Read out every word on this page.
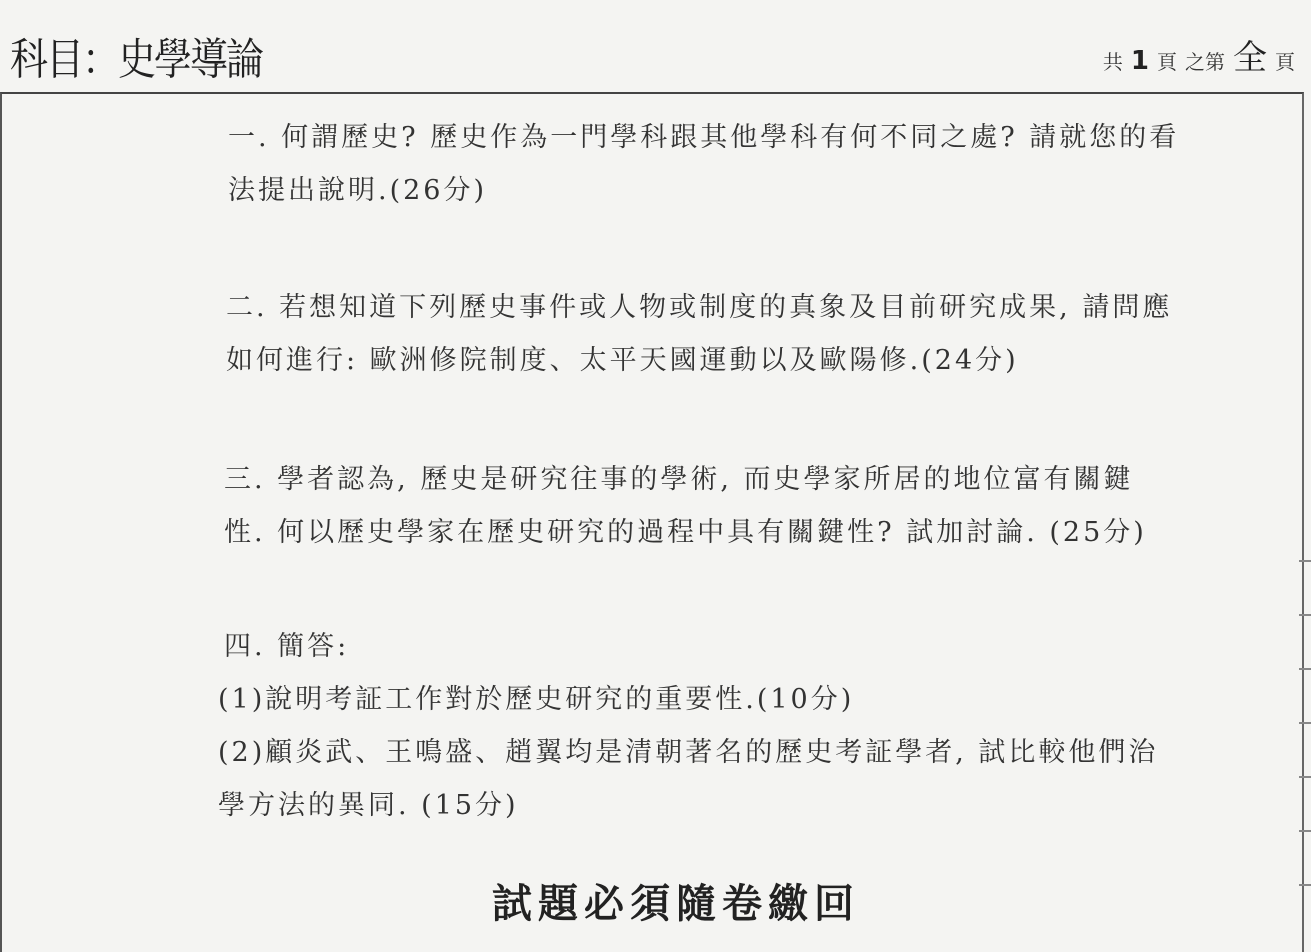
科目：史學導論	共 1 頁 之第 全 頁
一. 何謂歷史? 歷史作為一門學科跟其他學科有何不同之處? 請就您的看
法提出說明.(26分)
二. 若想知道下列歷史事件或人物或制度的真象及目前研究成果, 請問應
如何進行: 歐洲修院制度、太平天國運動以及歐陽修.(24分)
三. 學者認為, 歷史是研究往事的學術, 而史學家所居的地位富有關鍵
性. 何以歷史學家在歷史研究的過程中具有關鍵性? 試加討論. (25分)
四. 簡答:
(1)說明考証工作對於歷史研究的重要性.(10分)
(2)顧炎武、王鳴盛、趙翼均是清朝著名的歷史考証學者, 試比較他們治
學方法的異同. (15分)
試題必須隨卷繳回
